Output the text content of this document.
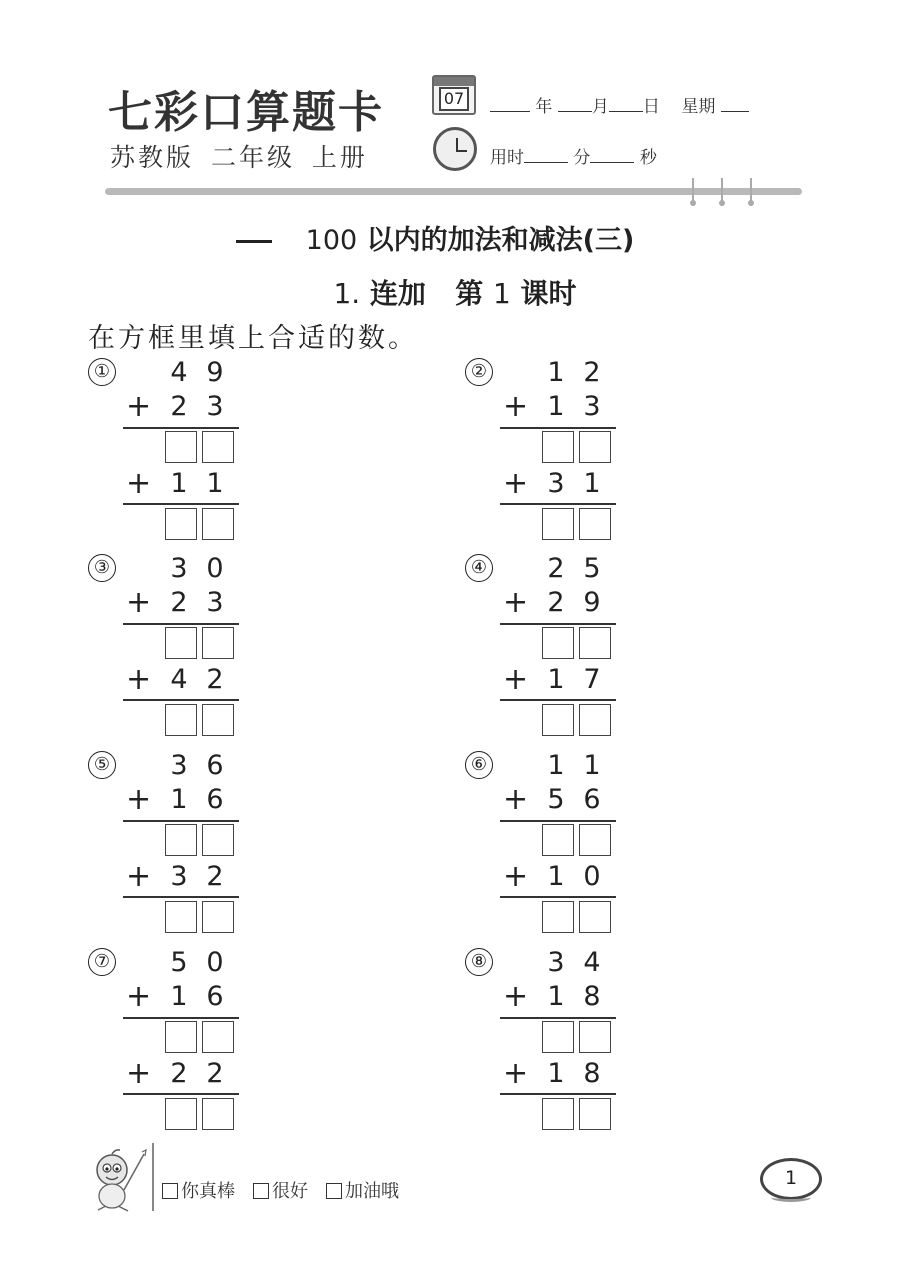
七彩口算题卡
苏教版 二年级 上册
07	年 月 日 星期
用时	分	秒
100 以内的加法和减法(三)
1. 连加 第 1 课时
在方框里填上合适的数。
① 4 9
+ 2 3
+ 1 1
② 1 2
+ 1 3
+ 3 1
③ 3 0
+ 2 3
+ 4 2
④ 2 5
+ 2 9
+ 1 7
⑤ 3 6
+ 1 6
+ 3 2
⑥ 1 1
+ 5 6
+ 1 0
⑦ 5 0
+ 1 6
+ 2 2
⑧ 3 4
+ 1 8
+ 1 8
你真棒 很好 加油哦
1
